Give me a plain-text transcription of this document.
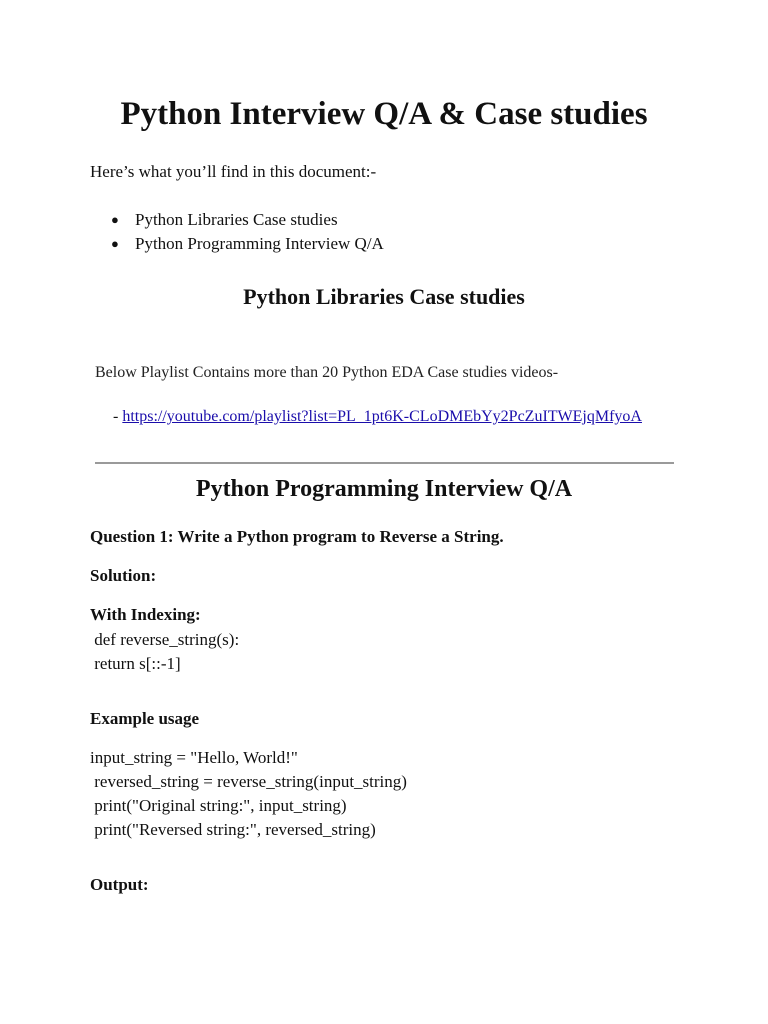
Python Interview Q/A & Case studies

Here’s what you’ll find in this document:-

● Python Libraries Case studies
● Python Programming Interview Q/A
Python Libraries Case studies

Below Playlist Contains more than 20 Python EDA Case studies videos-

- https://youtube.com/playlist?list=PL_1pt6K-CLoDMEbYy2PcZuITWEjqMfyoA

Python Programming Interview Q/A

Question 1: Write a Python program to Reverse a String.

Solution:

With Indexing:

def reverse_string(s):
return s[::-1]

Example usage

input_string = "Hello, World!"
reversed_string = reverse_string(input_string)
print("Original string:", input_string)
print("Reversed string:", reversed_string)

Output:
